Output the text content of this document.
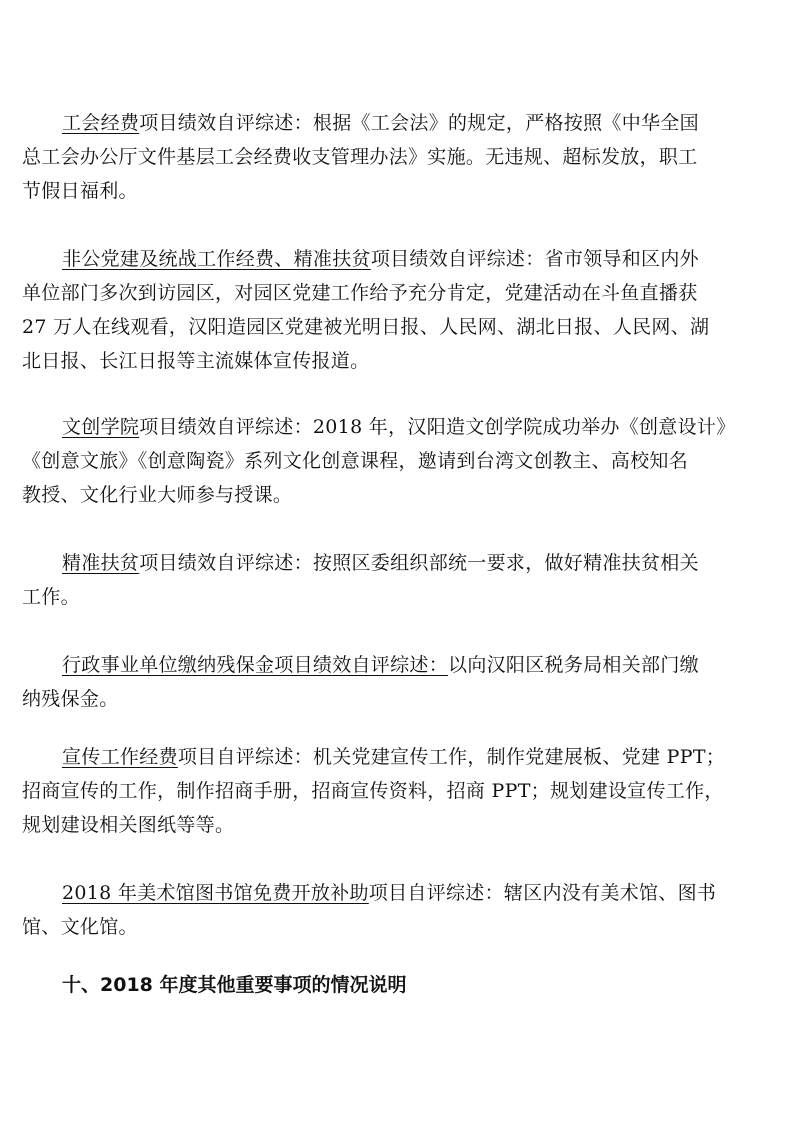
工会经费项目绩效自评综述：根据《工会法》的规定，严格按照《中华全国
总工会办公厅文件基层工会经费收支管理办法》实施。无违规、超标发放，职工
节假日福利。
非公党建及统战工作经费、精准扶贫项目绩效自评综述：省市领导和区内外
单位部门多次到访园区，对园区党建工作给予充分肯定，党建活动在斗鱼直播获
27 万人在线观看，汉阳造园区党建被光明日报、人民网、湖北日报、人民网、湖
北日报、长江日报等主流媒体宣传报道。
文创学院项目绩效自评综述：2018 年，汉阳造文创学院成功举办《创意设计》
《创意文旅》《创意陶瓷》系列文化创意课程，邀请到台湾文创教主、高校知名
教授、文化行业大师参与授课。
精准扶贫项目绩效自评综述：按照区委组织部统一要求，做好精准扶贫相关
工作。
行政事业单位缴纳残保金项目绩效自评综述：以向汉阳区税务局相关部门缴
纳残保金。
宣传工作经费项目自评综述：机关党建宣传工作，制作党建展板、党建 PPT；
招商宣传的工作，制作招商手册，招商宣传资料，招商 PPT；规划建设宣传工作，
规划建设相关图纸等等。
2018 年美术馆图书馆免费开放补助项目自评综述：辖区内没有美术馆、图书
馆、文化馆。
十、2018 年度其他重要事项的情况说明
